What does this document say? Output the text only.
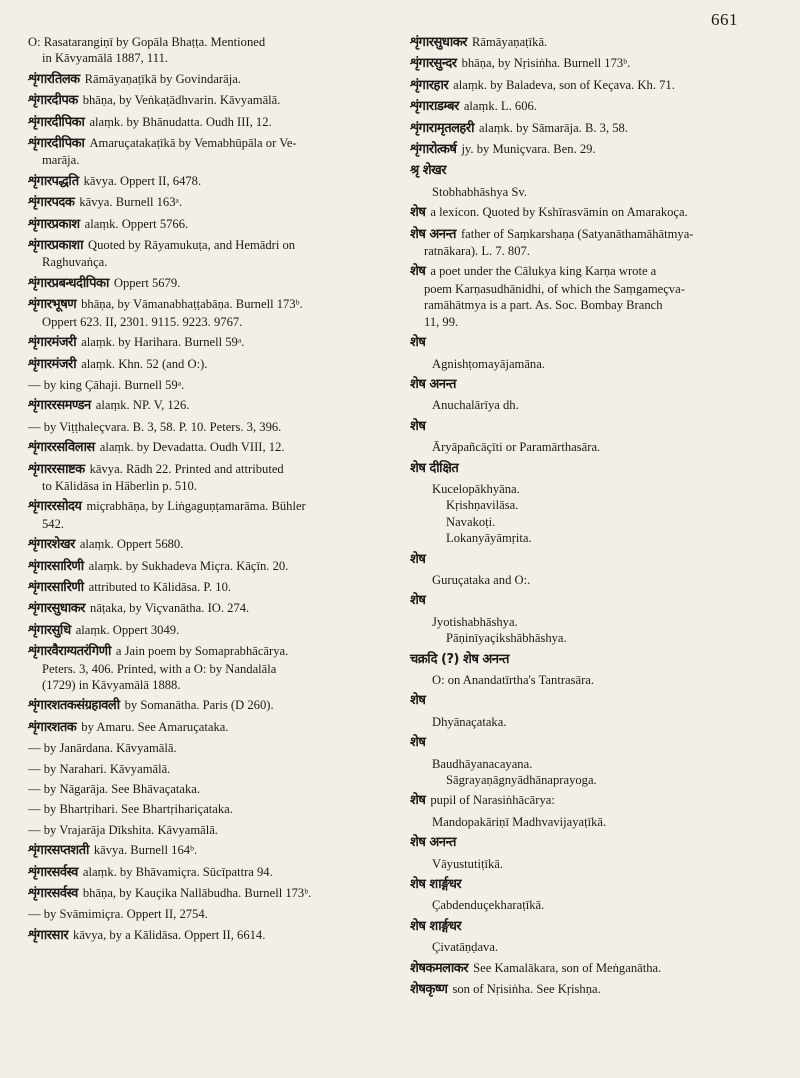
661
O: Rasatarangiṇī by Gopāla Bhaṭṭa. Mentioned
in Kāvyamālā 1887, 111.
शृंगारतिलक Rāmāyaṇaṭīkā by Govindarāja.
शृंगारदीपक bhāṇa, by Veṅkaṭādhvarin. Kāvyamālā.
शृंगारदीपिका alaṃk. by Bhānudatta. Oudh III, 12.
शृंगारदीपिका Amaruçatakaṭīkā by Vemabhūpāla or Ve-
marāja.
शृंगारपद्धति kāvya. Oppert II, 6478.
शृंगारपदक kāvya. Burnell 163ᵃ.
शृंगारप्रकाश alaṃk. Oppert 5766.
शृंगारप्रकाशा Quoted by Rāyamukuṭa, and Hemādri on
Raghuvaṅça.
शृंगारप्रबन्धदीपिका Oppert 5679.
शृंगारभूषण bhāṇa, by Vāmanabhaṭṭabāṇa. Burnell 173ᵇ.
Oppert 623. II, 2301. 9115. 9223. 9767.
शृंगारमंजरी alaṃk. by Harihara. Burnell 59ᵃ.
शृंगारमंजरी alaṃk. Khn. 52 (and O:).
— by king Çāhaji. Burnell 59ᵃ.
शृंगाररसमण्डन alaṃk. NP. V, 126.
— by Viṭṭhaleçvara. B. 3, 58. P. 10. Peters. 3, 396.
शृंगाररसविलास alaṃk. by Devadatta. Oudh VIII, 12.
शृंगाररसाष्टक kāvya. Rādh 22. Printed and attributed
to Kālidāsa in Häberlin p. 510.
शृंगाररसोदय miçrabhāṇa, by Liṅgaguṇṭamarāma. Bühler
542.
शृंगारशेखर alaṃk. Oppert 5680.
शृंगारसारिणी alaṃk. by Sukhadeva Miçra. Kāçīn. 20.
शृंगारसारिणी attributed to Kālidāsa. P. 10.
शृंगारसुधाकर nāṭaka, by Viçvanātha. IO. 274.
शृंगारसुधि alaṃk. Oppert 3049.
शृंगारवैराग्यतरंगिणी a Jain poem by Somaprabhācārya.
Peters. 3, 406. Printed, with a O: by Nandalāla
(1729) in Kāvyamālā 1888.
शृंगारशतकसंग्रहावली by Somanātha. Paris (D 260).
शृंगारशतक by Amaru. See Amaruçataka.
— by Janārdana. Kāvyamālā.
— by Narahari. Kāvyamālā.
— by Nāgarāja. See Bhāvaçataka.
— by Bhartṛihari. See Bhartṛihariçataka.
— by Vrajarāja Dīkshita. Kāvyamālā.
शृंगारसप्तशती kāvya. Burnell 164ᵇ.
शृंगारसर्वस्व alaṃk. by Bhāvamiçra. Sūcīpattra 94.
शृंगारसर्वस्व bhāṇa, by Kauçika Nallābudha. Burnell 173ᵇ.
— by Svāmimiçra. Oppert II, 2754.
शृंगारसार kāvya, by a Kālidāsa. Oppert II, 6614.
शृंगारसुधाकर Rāmāyaṇaṭīkā.
शृंगारसुन्दर bhāṇa, by Nṛisiṅha. Burnell 173ᵇ.
शृंगारहार alaṃk. by Baladeva, son of Keçava. Kh. 71.
शृंगाराडम्बर alaṃk. L. 606.
शृंगारामृतलहरी alaṃk. by Sāmarāja. B. 3, 58.
शृंगारोत्कर्ष jy. by Muniçvara. Ben. 29.
श्रृ शेखर
Stobhabhāshya Sv.
शेष a lexicon. Quoted by Kshīrasvāmin on Amarakoça.
शेष अनन्त father of Saṃkarshaṇa (Satyanāthamāhātmya-
ratnākara). L. 7. 807.
शेष a poet under the Cālukya king Karṇa wrote a
poem Karṇasudhānidhi, of which the Saṃgameçva-
ramāhātmya is a part. As. Soc. Bombay Branch
11, 99.
शेष
Agnishṭomayājamāna.
शेष अनन्त
Anuchalārīya dh.
शेष
Āryāpañcāçīti or Paramārthasāra.
शेष दीक्षित
Kucelopākhyāna.
Kṛishṇavilāsa.
Navakoṭi.
Lokanyāyāmṛita.
शेष
Guruçataka and O:.
शेष
Jyotishabhāshya.
Pāṇinīyaçikshābhāshya.
चक्रदि (?) शेष अनन्त
O: on Anandatīrtha's Tantrasāra.
शेष
Dhyānaçataka.
शेष
Baudhāyanacayana.
Sāgrayaṇāgnyādhānaprayoga.
शेष pupil of Narasiṅhācārya:
Mandopakāriṇī Madhvavijayaṭīkā.
शेष अनन्त
Vāyustutiṭīkā.
शेष शार्ङ्गधर
Çabdenduçekharaṭīkā.
शेष शार्ङ्गधर
Çivatāṇḍava.
शेषकमलाकर See Kamalākara, son of Meṅganātha.
शेषकृष्ण son of Nṛisiṅha. See Kṛishṇa.
